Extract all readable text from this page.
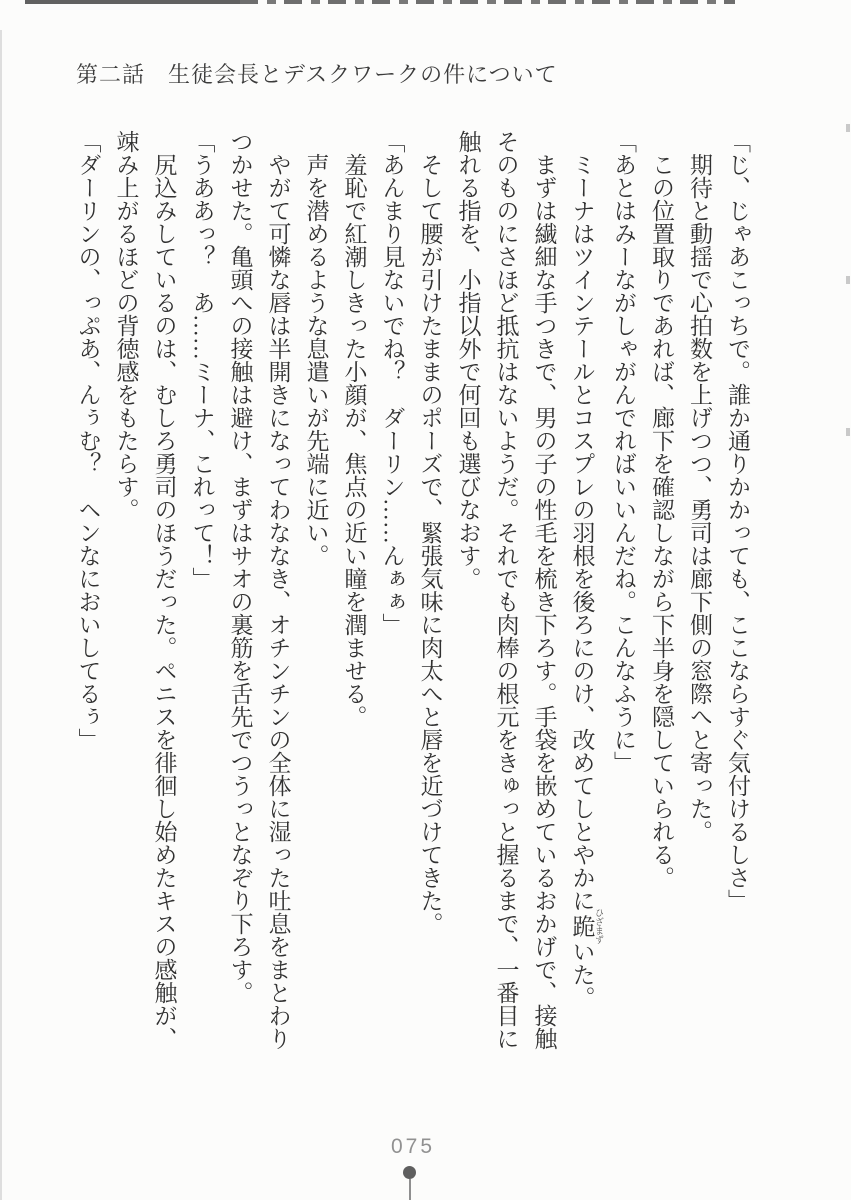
第二話　生徒会長とデスクワークの件について

「じ、じゃあこっちで。誰か通りかかっても、ここならすぐ気付けるしさ」

期待と動揺で心拍数を上げつつ、勇司は廊下側の窓際へと寄った。

この位置取りであれば、廊下を確認しながら下半身を隠していられる。

「あとはみーながしゃがんでればいいんだね。こんなふうに」

ミーナはツインテールとコスプレの羽根を後ろにのけ、改めてしとやかに跪 ひざまずいた。

まずは繊細な手つきで、男の子の性毛を梳き下ろす。手袋を嵌めているおかげで、接触そのものにさほど抵抗はないようだ。それでも肉棒の根元をきゅっと握るまで、一番目に触れる指を、小指以外で何回も選びなおす。

そして腰が引けたままのポーズで、緊張気味に肉太へと唇を近づけてきた。

「あんまり見ないでね？　ダーリン……んぁぁ」

羞恥で紅潮しきった小顔が、焦点の近い瞳を潤ませる。

声を潜めるような息遣いが先端に近い。

やがて可憐な唇は半開きになってわななき、オチンチンの全体に湿った吐息をまとわりつかせた。亀頭への接触は避け、まずはサオの裏筋を舌先でつうっとなぞり下ろす。

「うああっ？　あ……ミーナ、これって！」

尻込みしているのは、むしろ勇司のほうだった。ペニスを徘徊し始めたキスの感触が、竦み上がるほどの背徳感をもたらす。

「ダーリンの、っぷあ、んぅむ？　ヘンなにおいしてるぅ」

075
